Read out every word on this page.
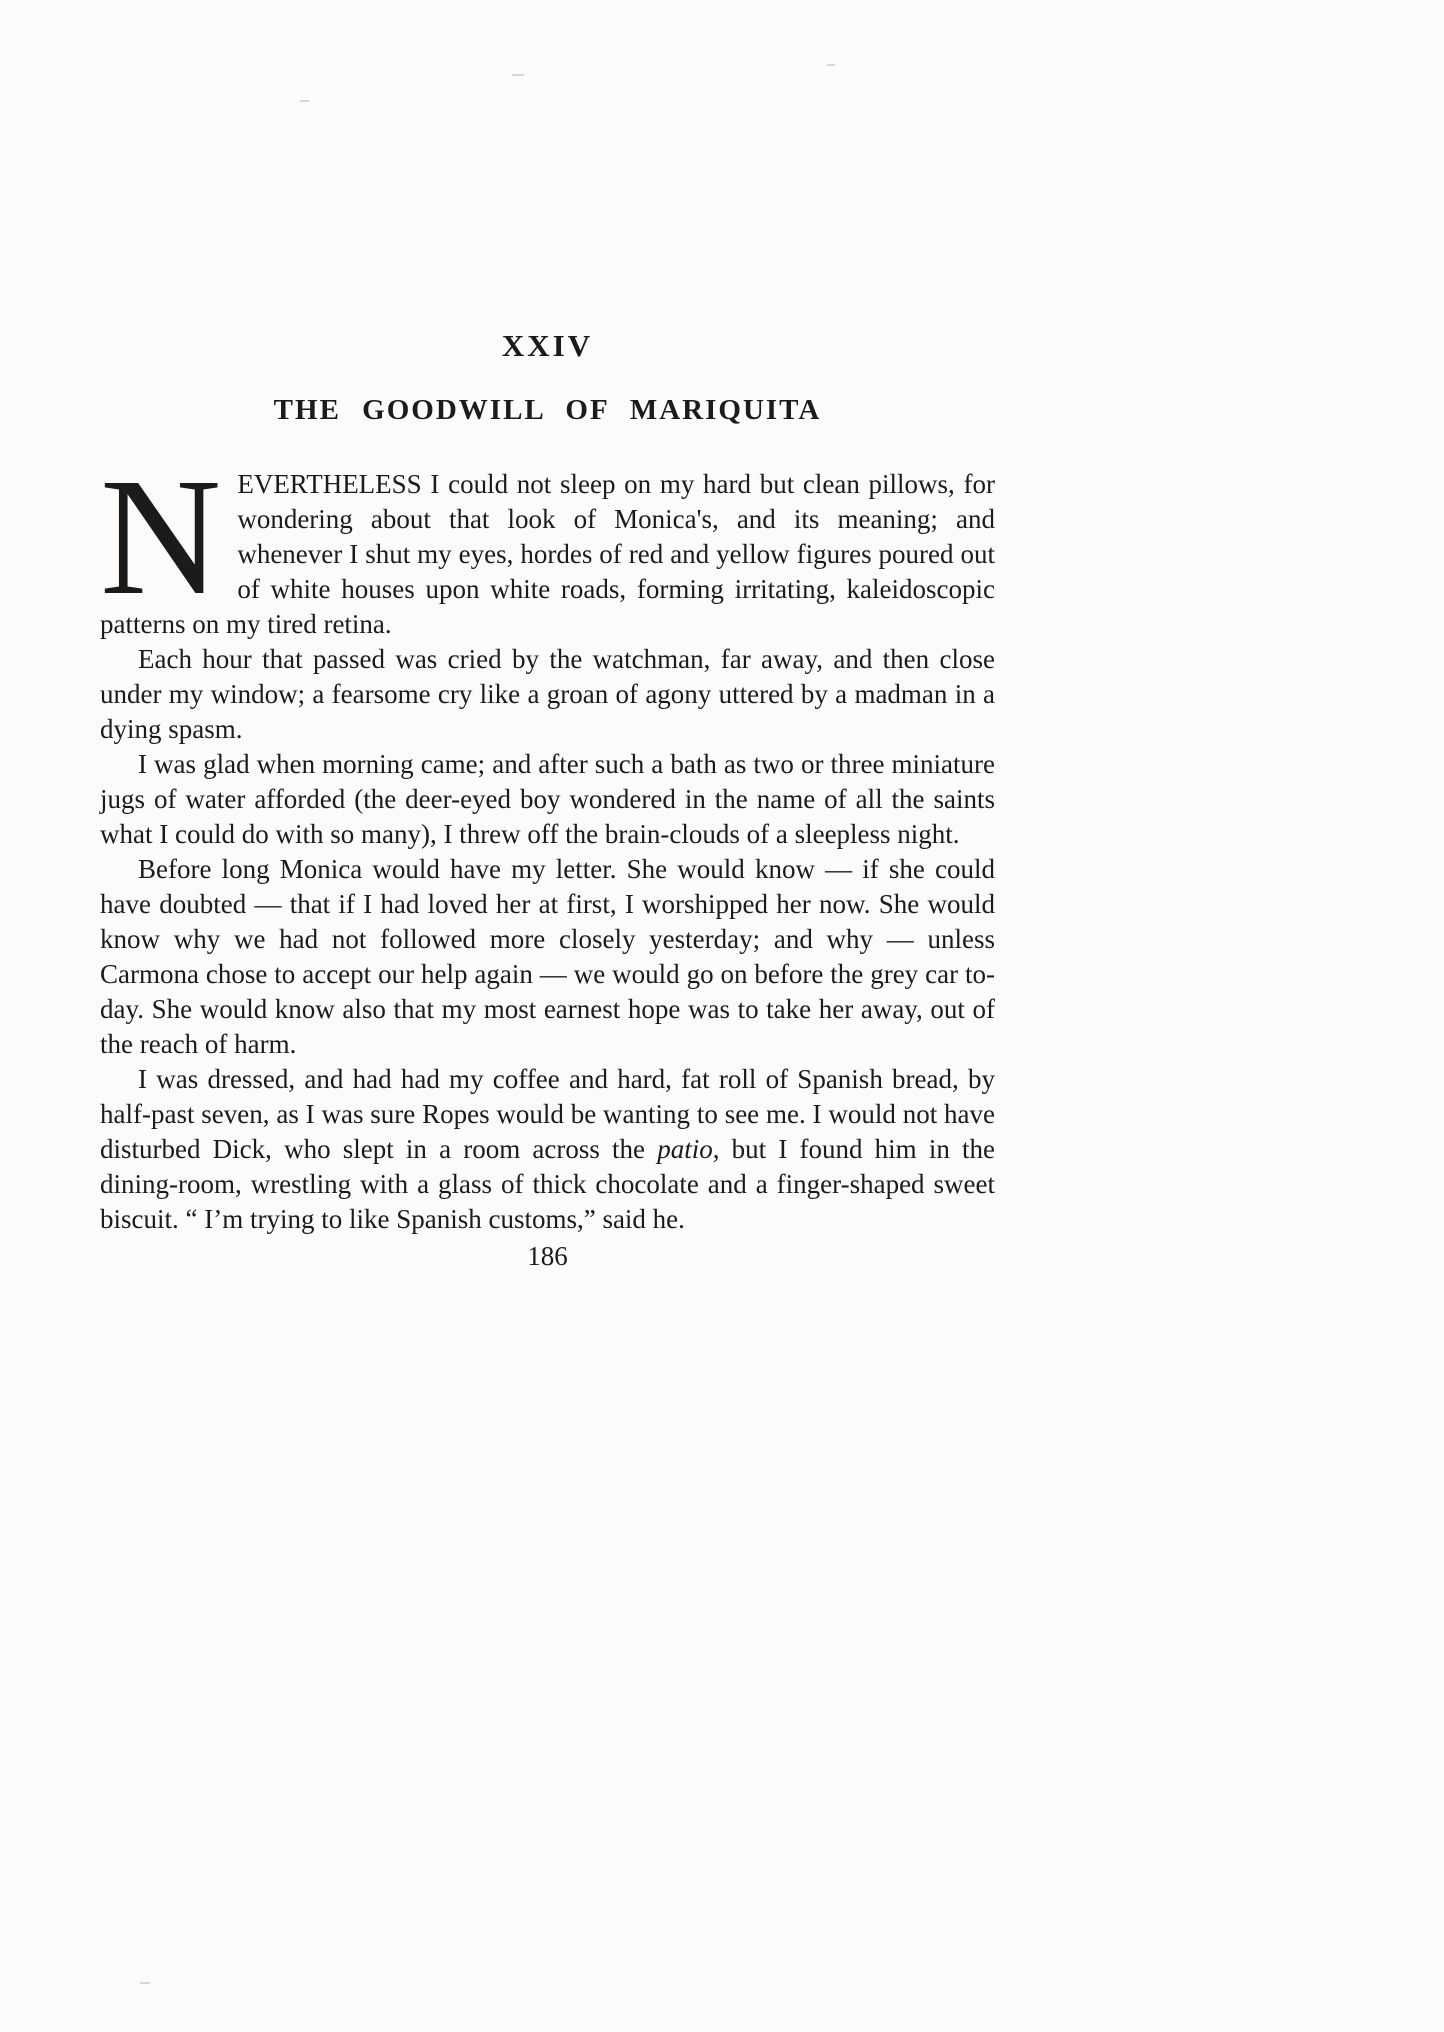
XXIV
THE GOODWILL OF MARIQUITA

NEVERTHELESS I could not sleep on my hard but clean pillows, for wondering about that look of Monica's, and its meaning; and whenever I shut my eyes, hordes of red and yellow figures poured out of white houses upon white roads, forming irritating, kaleidoscopic patterns on my tired retina.

Each hour that passed was cried by the watchman, far away, and then close under my window; a fearsome cry like a groan of agony uttered by a madman in a dying spasm.

I was glad when morning came; and after such a bath as two or three miniature jugs of water afforded (the deer-eyed boy wondered in the name of all the saints what I could do with so many), I threw off the brain-clouds of a sleepless night.

Before long Monica would have my letter. She would know — if she could have doubted — that if I had loved her at first, I worshipped her now. She would know why we had not followed more closely yesterday; and why — unless Carmona chose to accept our help again — we would go on before the grey car to-day. She would know also that my most earnest hope was to take her away, out of the reach of harm.

I was dressed, and had had my coffee and hard, fat roll of Spanish bread, by half-past seven, as I was sure Ropes would be wanting to see me. I would not have disturbed Dick, who slept in a room across the patio, but I found him in the dining-room, wrestling with a glass of thick chocolate and a finger-shaped sweet biscuit. “ I’m trying to like Spanish customs,” said he.

186
